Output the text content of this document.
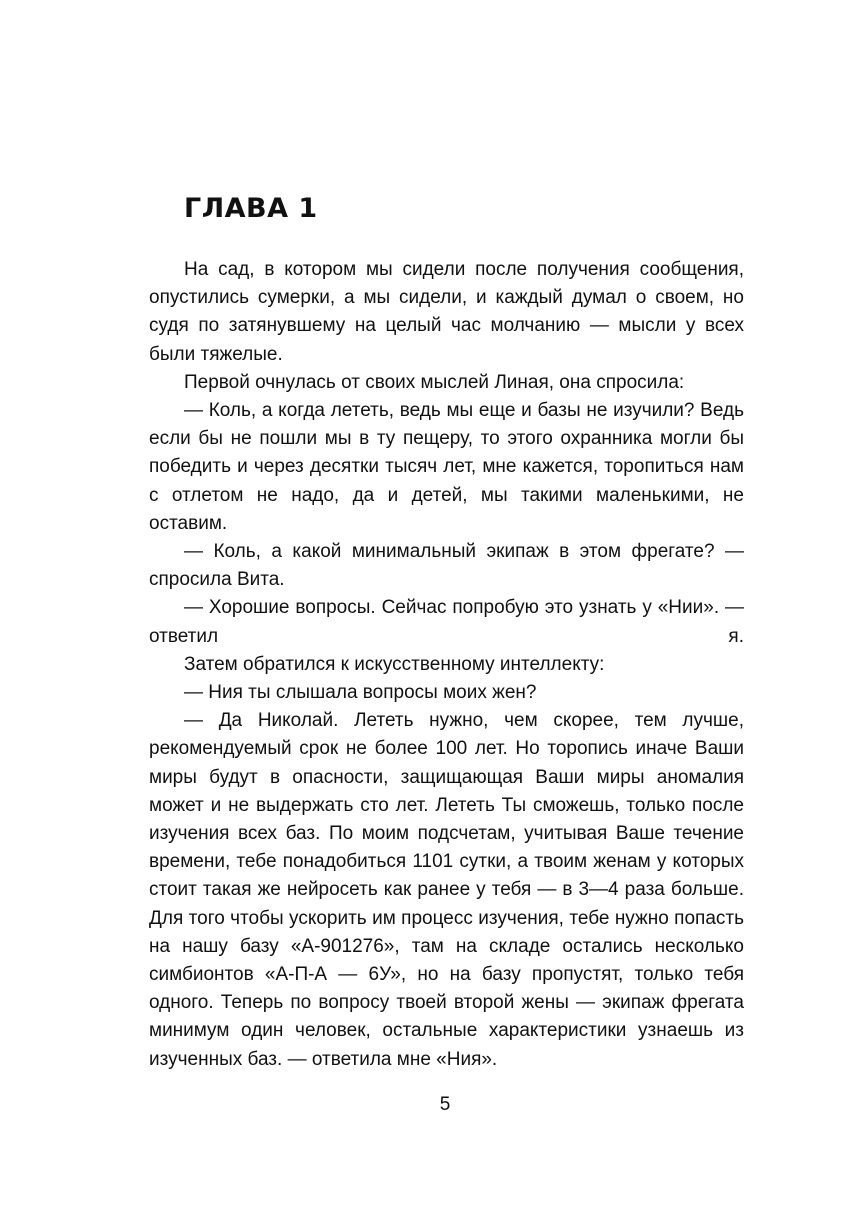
ГЛАВА 1

На сад, в котором мы сидели после получения сообщения, опустились сумерки, а мы сидели, и каждый думал о своем, но судя по затянувшему на целый час молчанию — мысли у всех были тяжелые.

Первой очнулась от своих мыслей Линая, она спросила:

— Коль, а когда лететь, ведь мы еще и базы не изучили? Ведь если бы не пошли мы в ту пещеру, то этого охранника могли бы победить и через десятки тысяч лет, мне кажется, торопиться нам с отлетом не надо, да и детей, мы такими маленькими, не оставим.

— Коль, а какой минимальный экипаж в этом фрегате? — спросила Вита.

— Хорошие вопросы. Сейчас попробую это узнать у «Нии». — ответил я.

Затем обратился к искусственному интеллекту:

— Ния ты слышала вопросы моих жен?

— Да Николай. Лететь нужно, чем скорее, тем лучше, рекомендуемый срок не более 100 лет. Но торопись иначе Ваши миры будут в опасности, защищающая Ваши миры аномалия может и не выдержать сто лет. Лететь Ты сможешь, только после изучения всех баз. По моим подсчетам, учитывая Ваше течение времени, тебе понадобиться 1101 сутки, а твоим женам у которых стоит такая же нейросеть как ранее у тебя — в 3—4 раза больше. Для того чтобы ускорить им процесс изучения, тебе нужно попасть на нашу базу «А-901276», там на складе остались несколько симбионтов «А-П-А — 6У», но на базу пропустят, только тебя одного. Теперь по вопросу твоей второй жены — экипаж фрегата минимум один человек, остальные характеристики узнаешь из изученных баз. — ответила мне «Ния».

5
